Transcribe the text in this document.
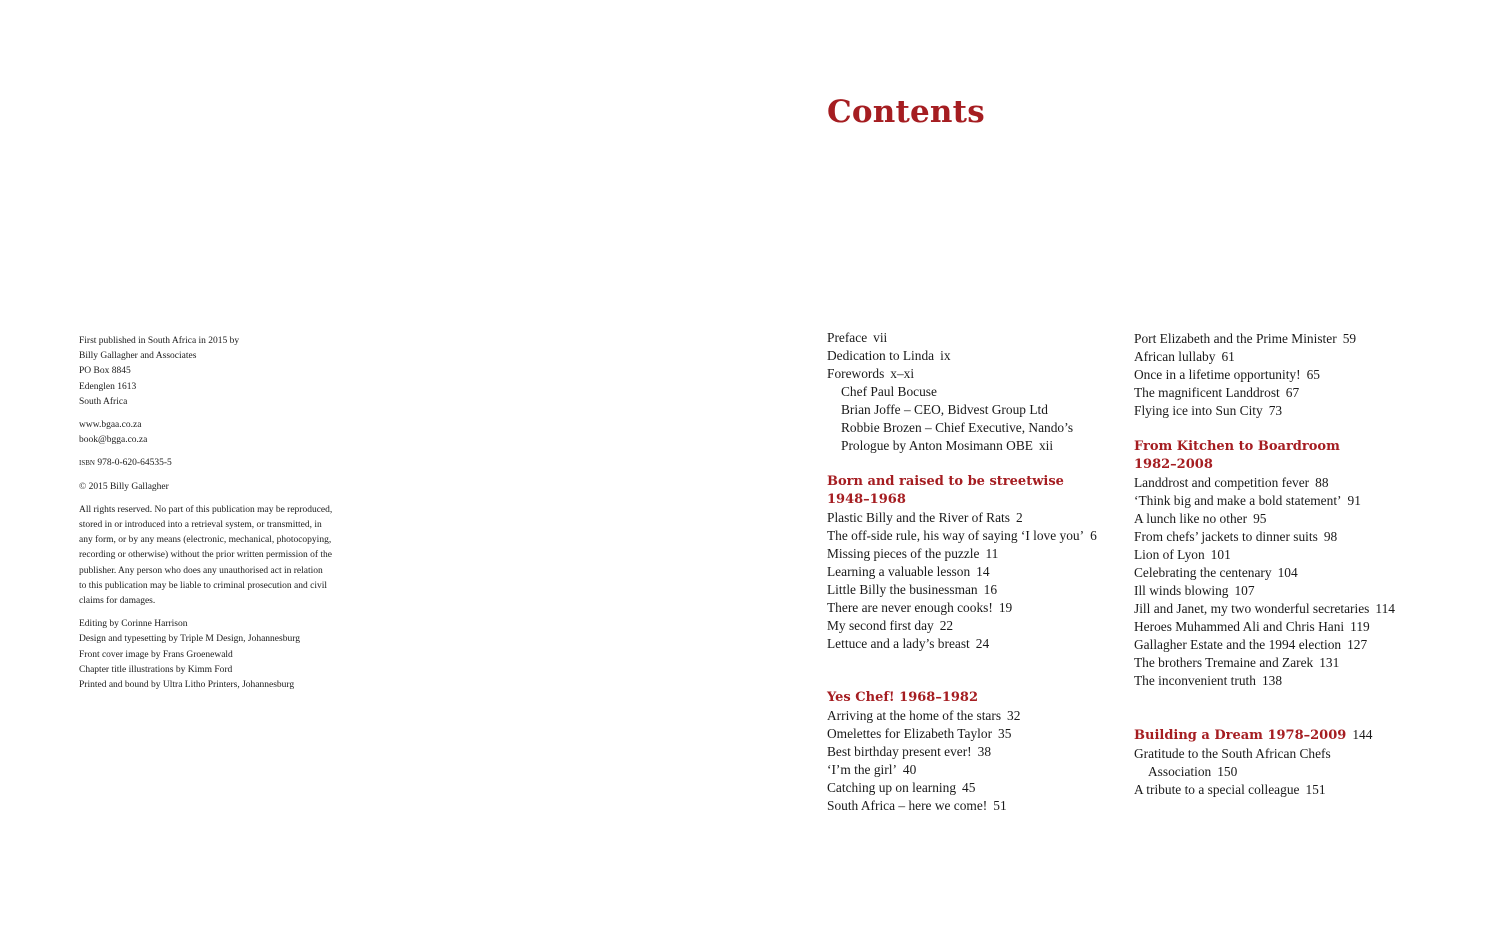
First published in South Africa in 2015 by
Billy Gallagher and Associates
PO Box 8845
Edenglen 1613
South Africa
www.bgaa.co.za
book@bgga.co.za
isbn 978-0-620-64535-5
© 2015 Billy Gallagher
All rights reserved. No part of this publication may be reproduced,
stored in or introduced into a retrieval system, or transmitted, in
any form, or by any means (electronic, mechanical, photocopying,
recording or otherwise) without the prior written permission of the
publisher. Any person who does any unauthorised act in relation
to this publication may be liable to criminal prosecution and civil
claims for damages.
Editing by Corinne Harrison
Design and typesetting by Triple M Design, Johannesburg
Front cover image by Frans Groenewald
Chapter title illustrations by Kimm Ford
Printed and bound by Ultra Litho Printers, Johannesburg
Contents
Preface vii
Dedication to Linda ix
Forewords x–xi
Chef Paul Bocuse
Brian Joffe – CEO, Bidvest Group Ltd
Robbie Brozen – Chief Executive, Nando’s
Prologue by Anton Mosimann OBE xii
Born and raised to be streetwise
1948–1968
Plastic Billy and the River of Rats 2
The off-side rule, his way of saying ‘I love you’ 6
Missing pieces of the puzzle 11
Learning a valuable lesson 14
Little Billy the businessman 16
There are never enough cooks! 19
My second first day 22
Lettuce and a lady’s breast 24
Yes Chef! 1968–1982
Arriving at the home of the stars 32
Omelettes for Elizabeth Taylor 35
Best birthday present ever! 38
‘I’m the girl’ 40
Catching up on learning 45
South Africa – here we come! 51
Port Elizabeth and the Prime Minister 59
African lullaby 61
Once in a lifetime opportunity! 65
The magnificent Landdrost 67
Flying ice into Sun City 73
From Kitchen to Boardroom
1982–2008
Landdrost and competition fever 88
‘Think big and make a bold statement’ 91
A lunch like no other 95
From chefs’ jackets to dinner suits 98
Lion of Lyon 101
Celebrating the centenary 104
Ill winds blowing 107
Jill and Janet, my two wonderful secretaries 114
Heroes Muhammed Ali and Chris Hani 119
Gallagher Estate and the 1994 election 127
The brothers Tremaine and Zarek 131
The inconvenient truth 138
Building a Dream 1978–2009 144
Gratitude to the South African Chefs
Association 150
A tribute to a special colleague 151
